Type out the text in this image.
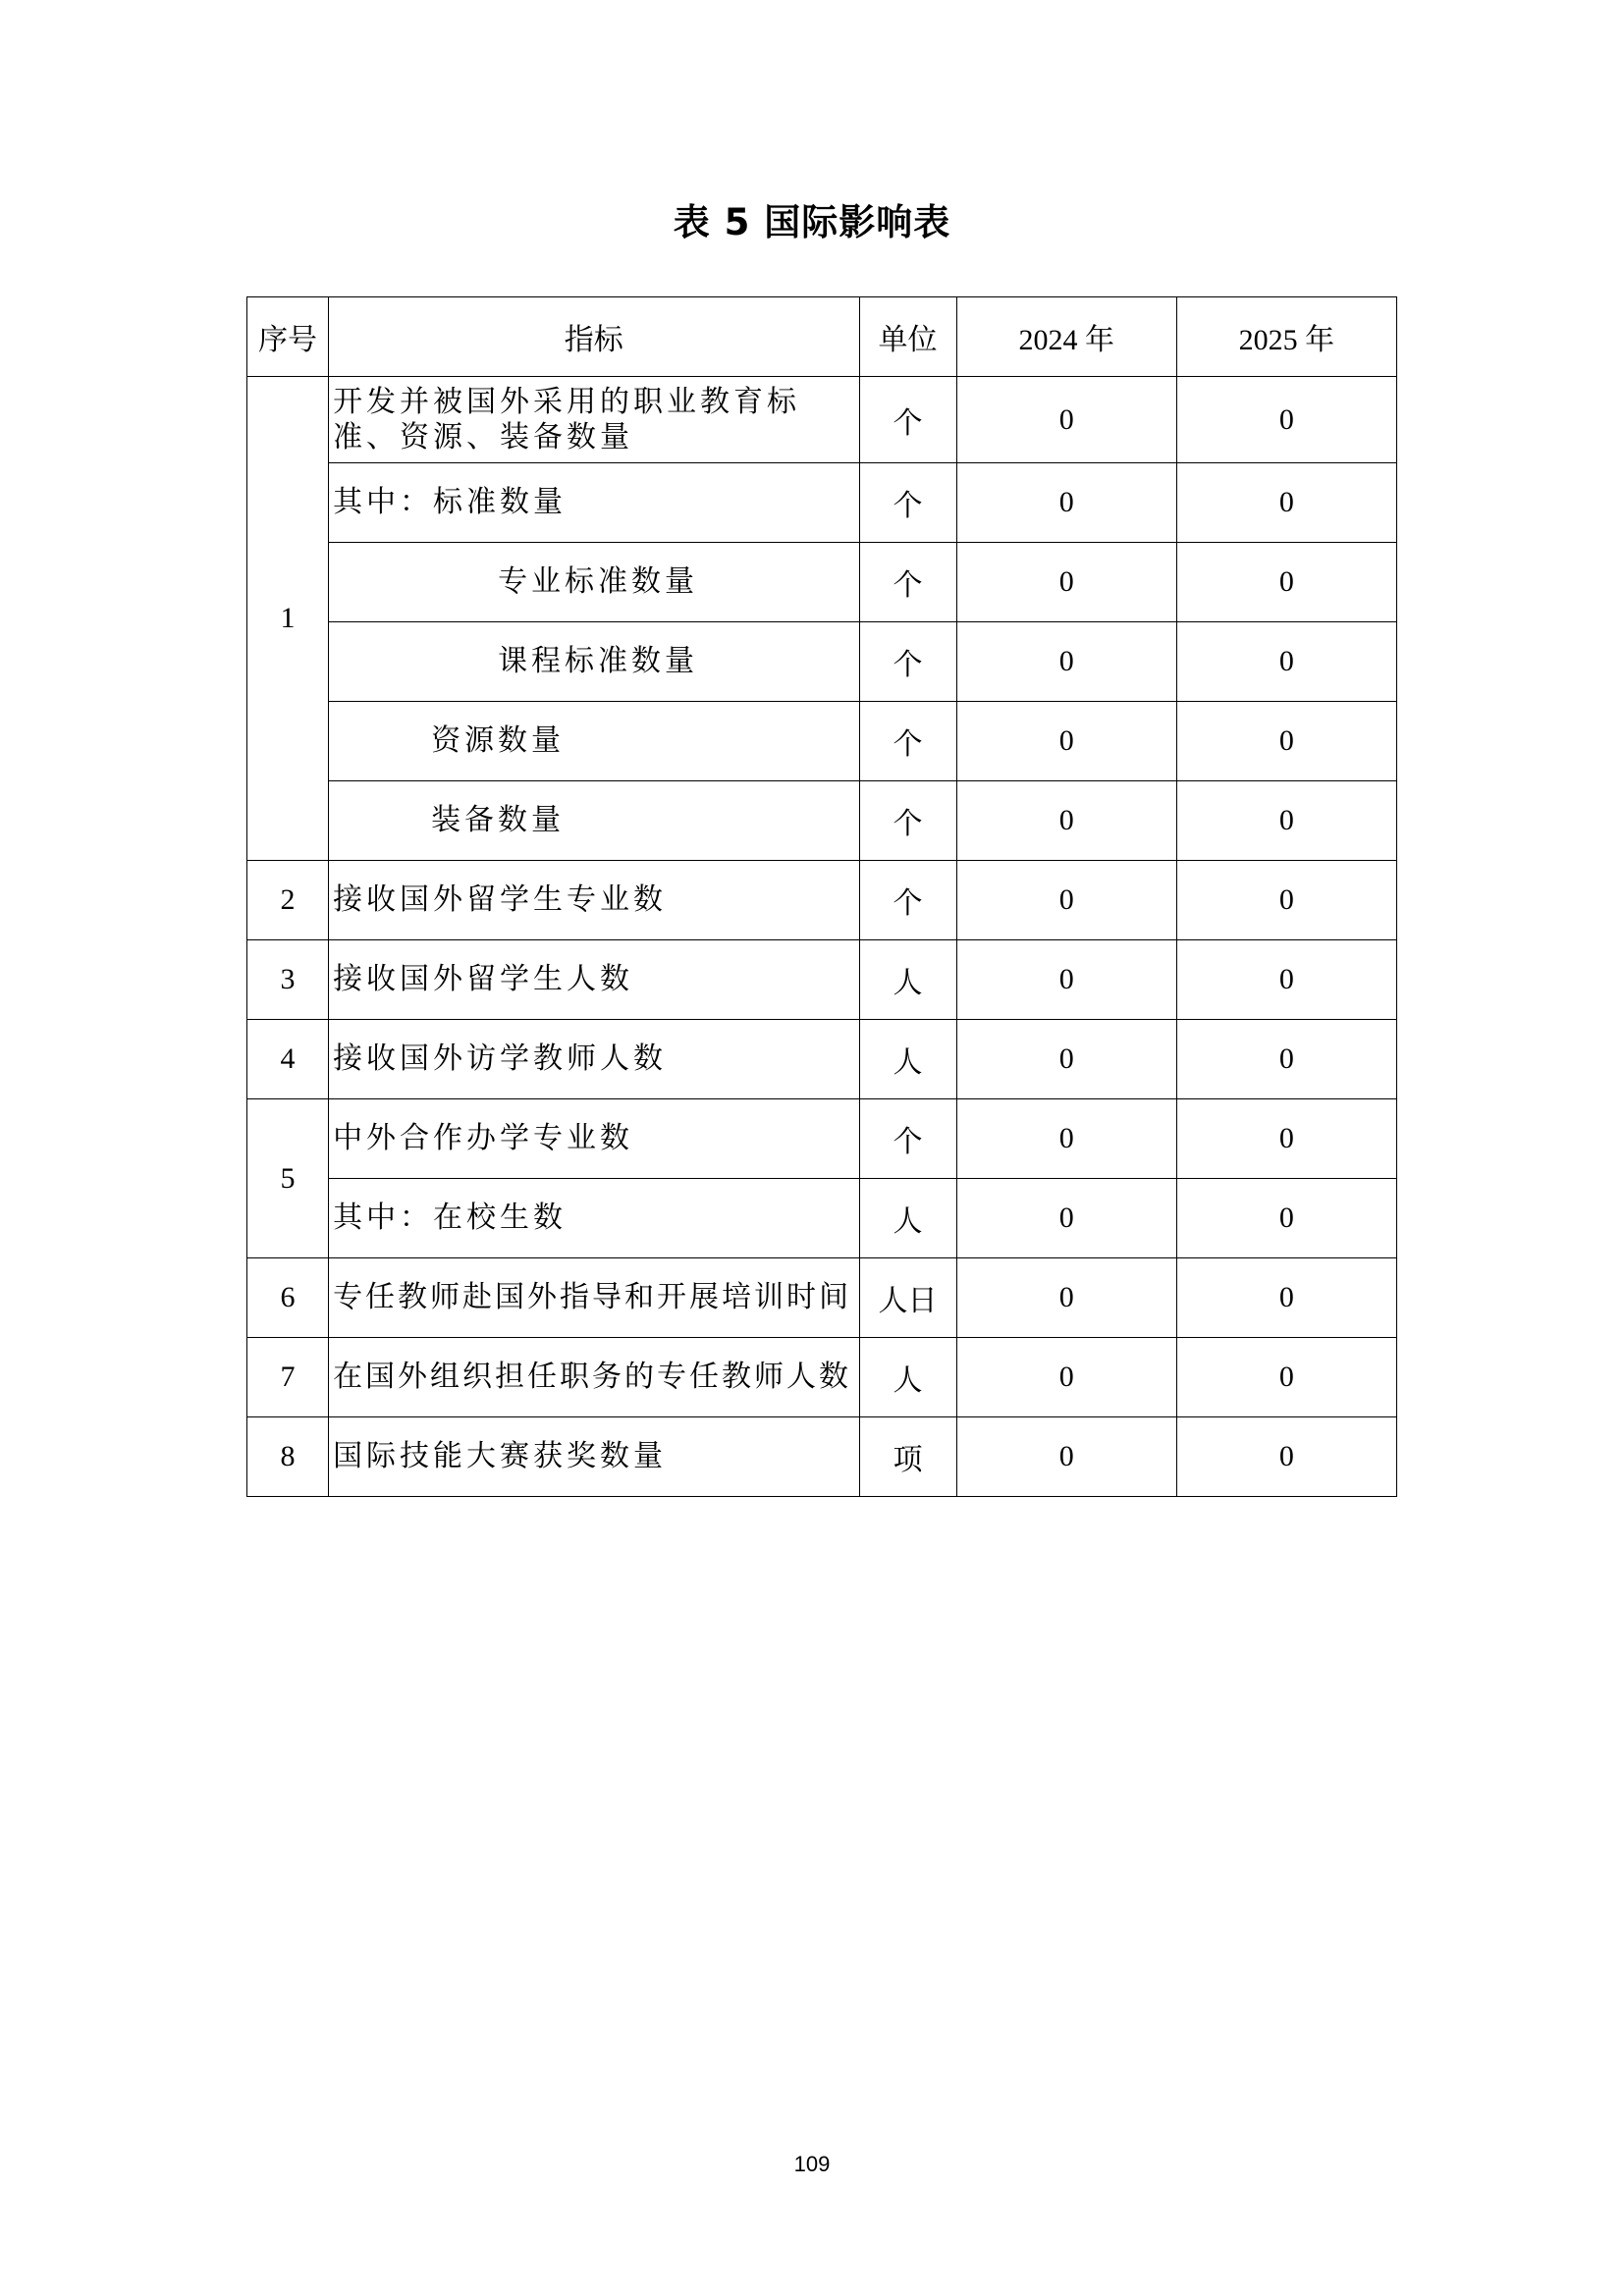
表 5 国际影响表
序号	指标	单位	2024 年	2025 年
1	开发并被国外采用的职业教育标准、资源、装备数量	个	0	0

	其中：标准数量	个	0	0

	专业标准数量	个	0	0

	课程标准数量	个	0	0

	资源数量	个	0	0

	装备数量	个	0	0
2	接收国外留学生专业数	个	0	0
3	接收国外留学生人数	人	0	0
4	接收国外访学教师人数	人	0	0
5	中外合作办学专业数	个	0	0

	其中：在校生数	人	0	0
6	专任教师赴国外指导和开展培训时间	人日	0	0
7	在国外组织担任职务的专任教师人数	人	0	0
8	国际技能大赛获奖数量	项	0	0
109
